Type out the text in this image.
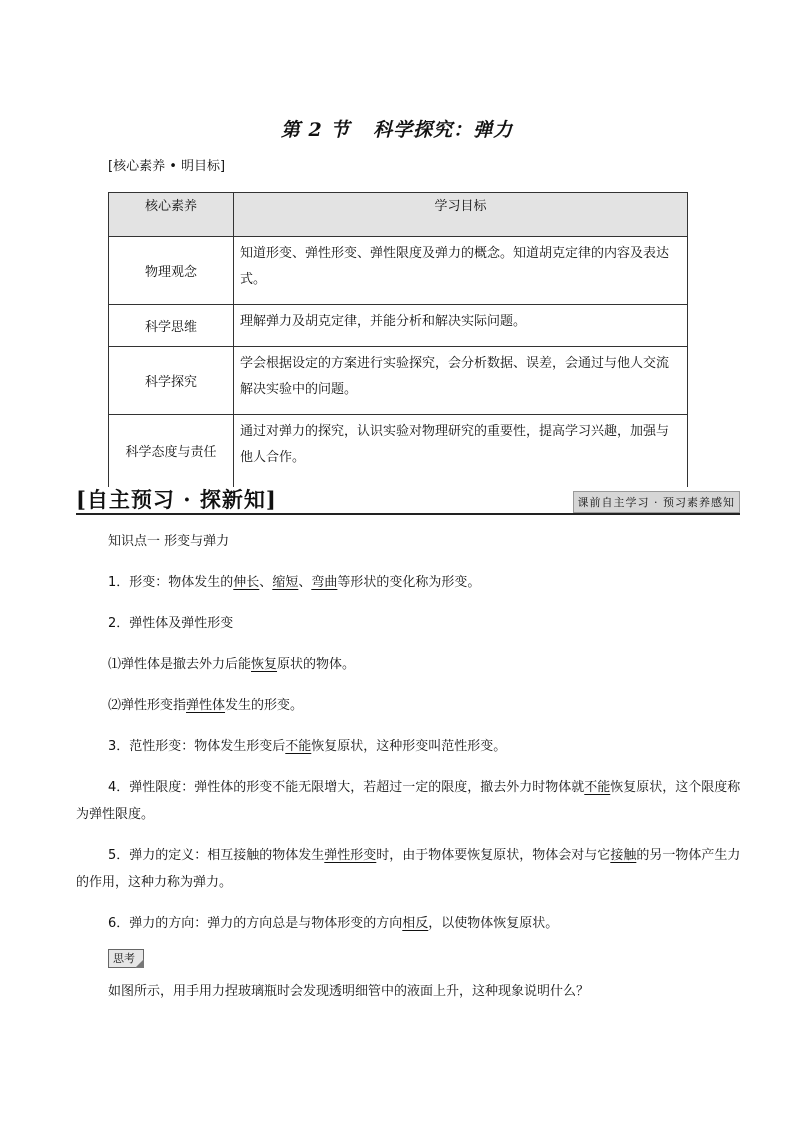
第 2 节   科学探究：弹力
[核心素养 • 明目标]
核心素养	学习目标
物理观念	知道形变、弹性形变、弹性限度及弹力的概念。知道胡克定律的内容及表达式。
科学思维	理解弹力及胡克定律，并能分析和解决实际问题。
科学探究	学会根据设定的方案进行实验探究，会分析数据、误差，会通过与他人交流解决实验中的问题。
科学态度与责任	通过对弹力的探究，认识实验对物理研究的重要性，提高学习兴趣，加强与他人合作。
[自主预习 · 探新知]	课前自主学习 · 预习素养感知

知识点一 形变与弹力

1．形变：物体发生的伸长、缩短、弯曲等形状的变化称为形变。

2．弹性体及弹性形变

⑴弹性体是撤去外力后能恢复原状的物体。

⑵弹性形变指弹性体发生的形变。

3．范性形变：物体发生形变后不能恢复原状，这种形变叫范性形变。

4．弹性限度：弹性体的形变不能无限增大，若超过一定的限度，撤去外力时物体就不能恢复原状，这个限度称为弹性限度。

5．弹力的定义：相互接触的物体发生弹性形变时，由于物体要恢复原状，物体会对与它接触的另一物体产生力的作用，这种力称为弹力。

6．弹力的方向：弹力的方向总是与物体形变的方向相反，以使物体恢复原状。

思考

如图所示，用手用力捏玻璃瓶时会发现透明细管中的液面上升，这种现象说明什么？
